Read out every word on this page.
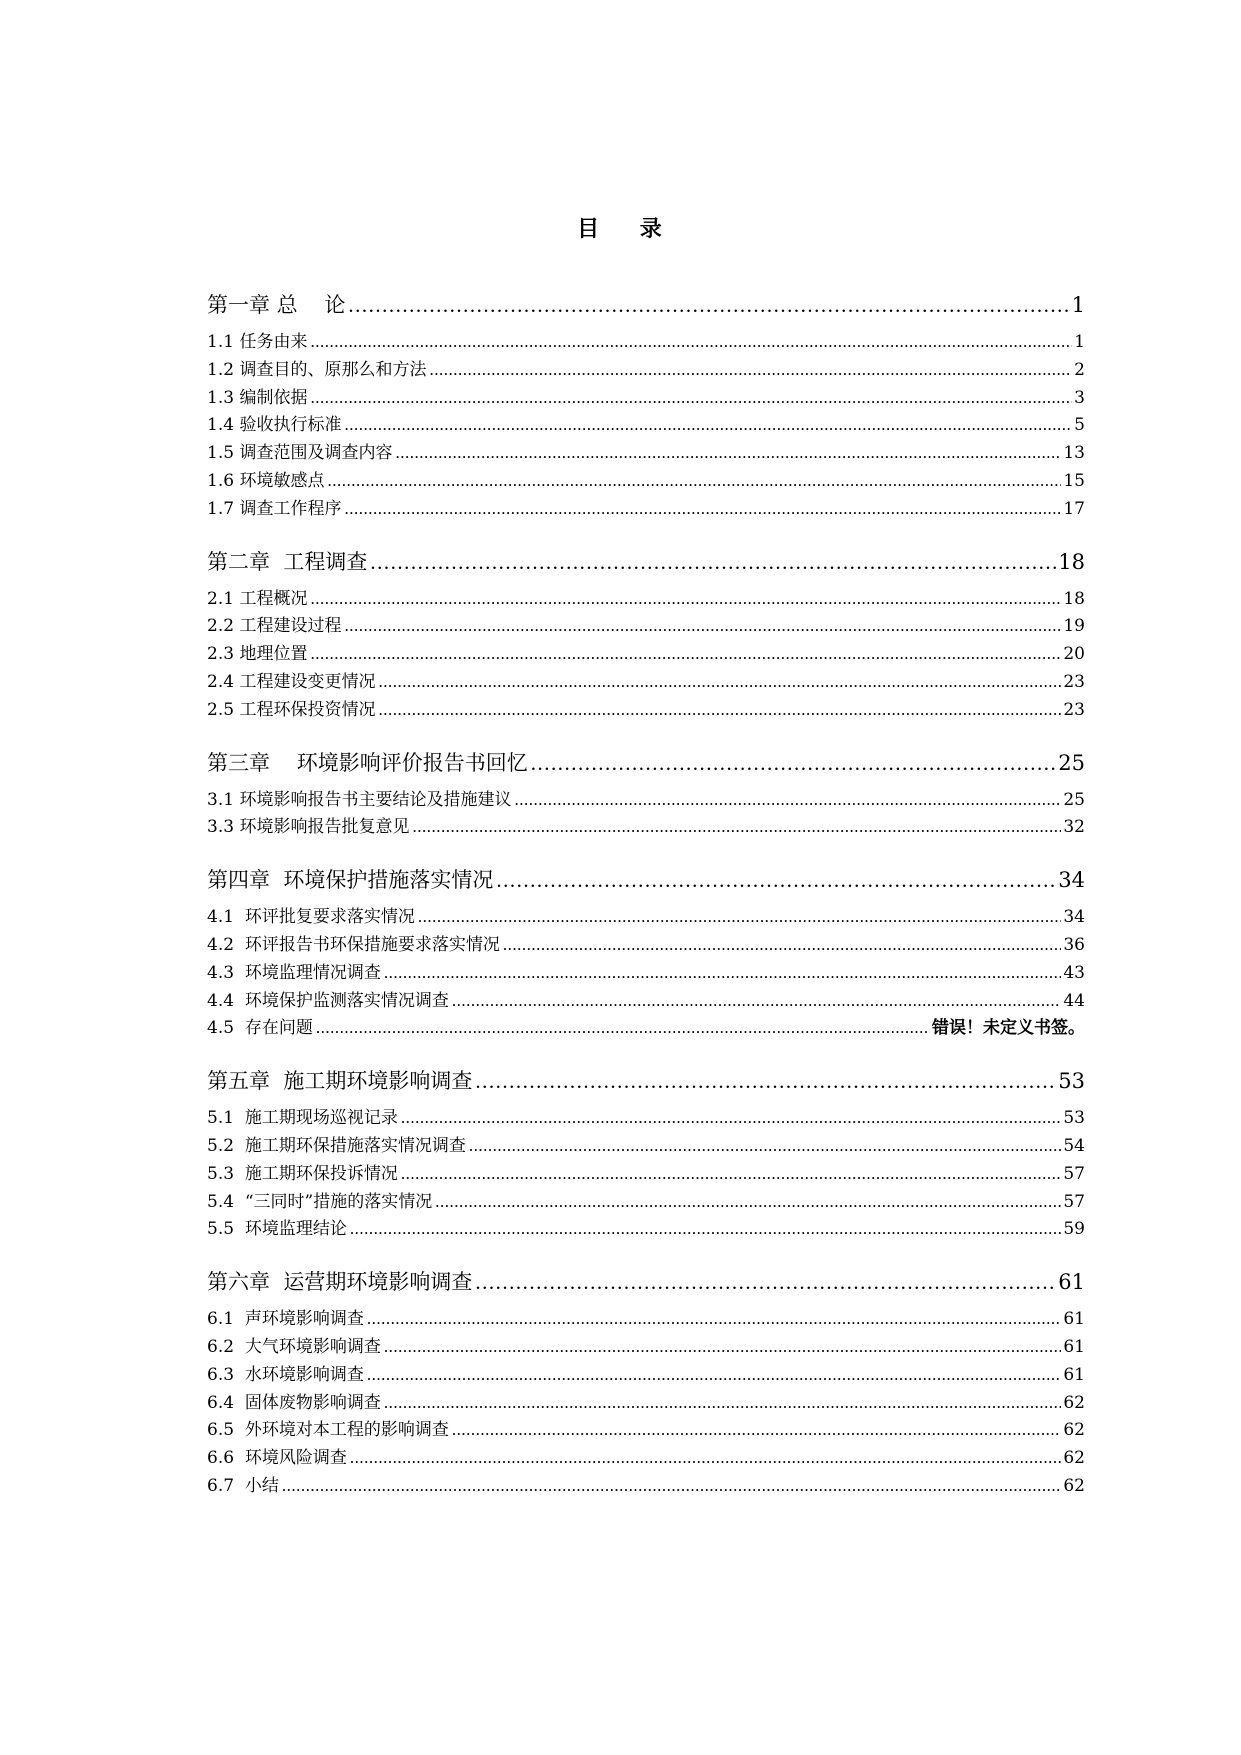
目    录
第一章 总    论 .....	1
1.1 任务由来 .....	1
1.2 调查目的、原那么和方法 .....	2
1.3 编制依据 .....	3
1.4 验收执行标准 .....	5
1.5 调查范围及调查内容 .....	13
1.6 环境敏感点 .....	15
1.7 调查工作程序 .....	17
第二章  工程调查 .....	18
2.1 工程概况 .....	18
2.2 工程建设过程 .....	19
2.3 地理位置 .....	20
2.4 工程建设变更情况 .....	23
2.5 工程环保投资情况 .....	23
第三章    环境影响评价报告书回忆 .....	25
3.1 环境影响报告书主要结论及措施建议 .....	25
3.3 环境影响报告批复意见 .....	32
第四章  环境保护措施落实情况 .....	34
4.1  环评批复要求落实情况 .....	34
4.2  环评报告书环保措施要求落实情况 .....	36
4.3  环境监理情况调查 .....	43
4.4  环境保护监测落实情况调查 .....	44
4.5  存在问题 .....	错误！未定义书签。
第五章  施工期环境影响调查 .....	53
5.1  施工期现场巡视记录 .....	53
5.2  施工期环保措施落实情况调查 .....	54
5.3  施工期环保投诉情况 .....	57
5.4  “三同时”措施的落实情况 .....	57
5.5  环境监理结论 .....	59
第六章  运营期环境影响调查 .....	61
6.1  声环境影响调查 .....	61
6.2  大气环境影响调查 .....	61
6.3  水环境影响调查 .....	61
6.4  固体废物影响调查 .....	62
6.5  外环境对本工程的影响调查 .....	62
6.6  环境风险调查 .....	62
6.7  小结 .....	62
